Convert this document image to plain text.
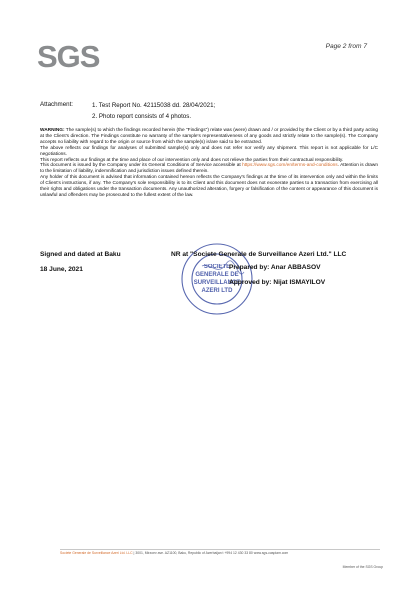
SGS	Page 2 from 7
Attachment:	1. Test Report No. 42115038 dd. 28/04/2021;
2. Photo report consists of 4 photos.

WARNING: The sample(s) to which the findings recorded herein (the "Findings") relate was (were) drawn and / or provided by the Client or by a third party acting at the Client's direction. The Findings constitute no warranty of the sample's representativeness of any goods and strictly relate to the sample(s). The Company accepts no liability with regard to the origin or source from which the sample(s) is/are said to be extracted.

The above reflects our findings for analyses of submitted sample(s) only and does not refer nor verify any shipment. This report is not applicable for L/C negotiations.

This report reflects our findings at the time and place of our intervention only and does not relieve the parties from their contractual responsibility.

This document is issued by the Company under its General Conditions of Service accessible at https://www.sgs.com/en/terms-and-conditions. Attention is drawn to the limitation of liability, indemnification and jurisdiction issues defined therein.

Any holder of this document is advised that information contained hereon reflects the Company's findings at the time of its intervention only and within the limits of Client's instructions, if any. The Company's sole responsibility is to its Client and this document does not exonerate parties to a transaction from exercising all their rights and obligations under the transaction documents. Any unauthorized alteration, forgery or falsification of the content or appearance of this document is unlawful and offenders may be prosecuted to the fullest extent of the law.

SOCIETE
GENERALE DE
SURVEILLANCE
AZERI LTD
Signed and dated at Baku
18 June, 2021
NR at "Societe Generale de Surveillance Azeri Ltd." LLC
Prepared by: Anar ABBASOV
Approved by: Nijat ISMAYILOV
Societe Generale de Surveillance Azeri Ltd. LLC | 3001, Mirzoev ave. AZ1100, Baku, Republic of Azerbaijan t +994 12 430 33 80 www.sgs-caspiam.com
Member of the SGS Group
